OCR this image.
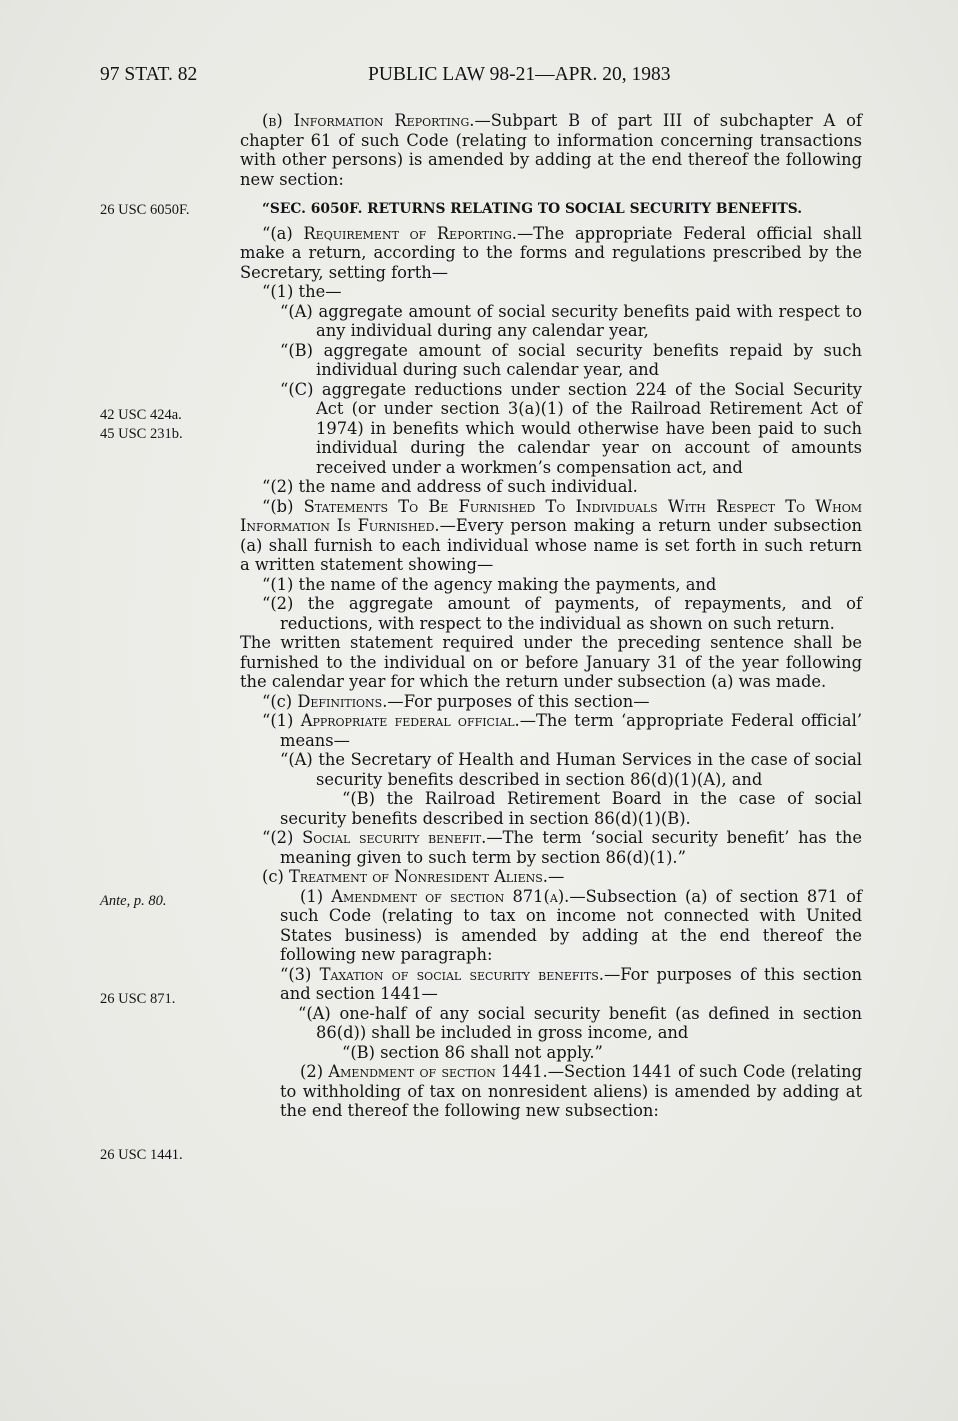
97 STAT. 82	PUBLIC LAW 98-21—APR. 20, 1983
26 USC 6050F.
42 USC 424a.
45 USC 231b.
Ante, p. 80.
26 USC 871.
26 USC 1441.

(b) Information Reporting.—Subpart B of part III of subchapter A of chapter 61 of such Code (relating to information concerning transactions with other persons) is amended by adding at the end thereof the following new section:

“SEC. 6050F. RETURNS RELATING TO SOCIAL SECURITY BENEFITS.

“(a) Requirement of Reporting.—The appropriate Federal official shall make a return, according to the forms and regulations prescribed by the Secretary, setting forth—

“(1) the—

“(A) aggregate amount of social security benefits paid with respect to any individual during any calendar year,

“(B) aggregate amount of social security benefits repaid by such individual during such calendar year, and

“(C) aggregate reductions under section 224 of the Social Security Act (or under section 3(a)(1) of the Railroad Retirement Act of 1974) in benefits which would otherwise have been paid to such individual during the calendar year on account of amounts received under a workmen’s compensation act, and

“(2) the name and address of such individual.

“(b) Statements To Be Furnished To Individuals With Respect To Whom Information Is Furnished.—Every person making a return under subsection (a) shall furnish to each individual whose name is set forth in such return a written statement showing—

“(1) the name of the agency making the payments, and

“(2) the aggregate amount of payments, of repayments, and of reductions, with respect to the individual as shown on such return.

The written statement required under the preceding sentence shall be furnished to the individual on or before January 31 of the year following the calendar year for which the return under subsection (a) was made.

“(c) Definitions.—For purposes of this section—

“(1) Appropriate federal official.—The term ‘appropriate Federal official’ means—

“(A) the Secretary of Health and Human Services in the case of social security benefits described in section 86(d)(1)(A), and

“(B) the Railroad Retirement Board in the case of social security benefits described in section 86(d)(1)(B).

“(2) Social security benefit.—The term ‘social security benefit’ has the meaning given to such term by section 86(d)(1).”

(c) Treatment of Nonresident Aliens.—

(1) Amendment of section 871(a).—Subsection (a) of section 871 of such Code (relating to tax on income not connected with United States business) is amended by adding at the end thereof the following new paragraph:

“(3) Taxation of social security benefits.—For purposes of this section and section 1441—

“(A) one-half of any social security benefit (as defined in section 86(d)) shall be included in gross income, and

“(B) section 86 shall not apply.”

(2) Amendment of section 1441.—Section 1441 of such Code (relating to withholding of tax on nonresident aliens) is amended by adding at the end thereof the following new subsection:
